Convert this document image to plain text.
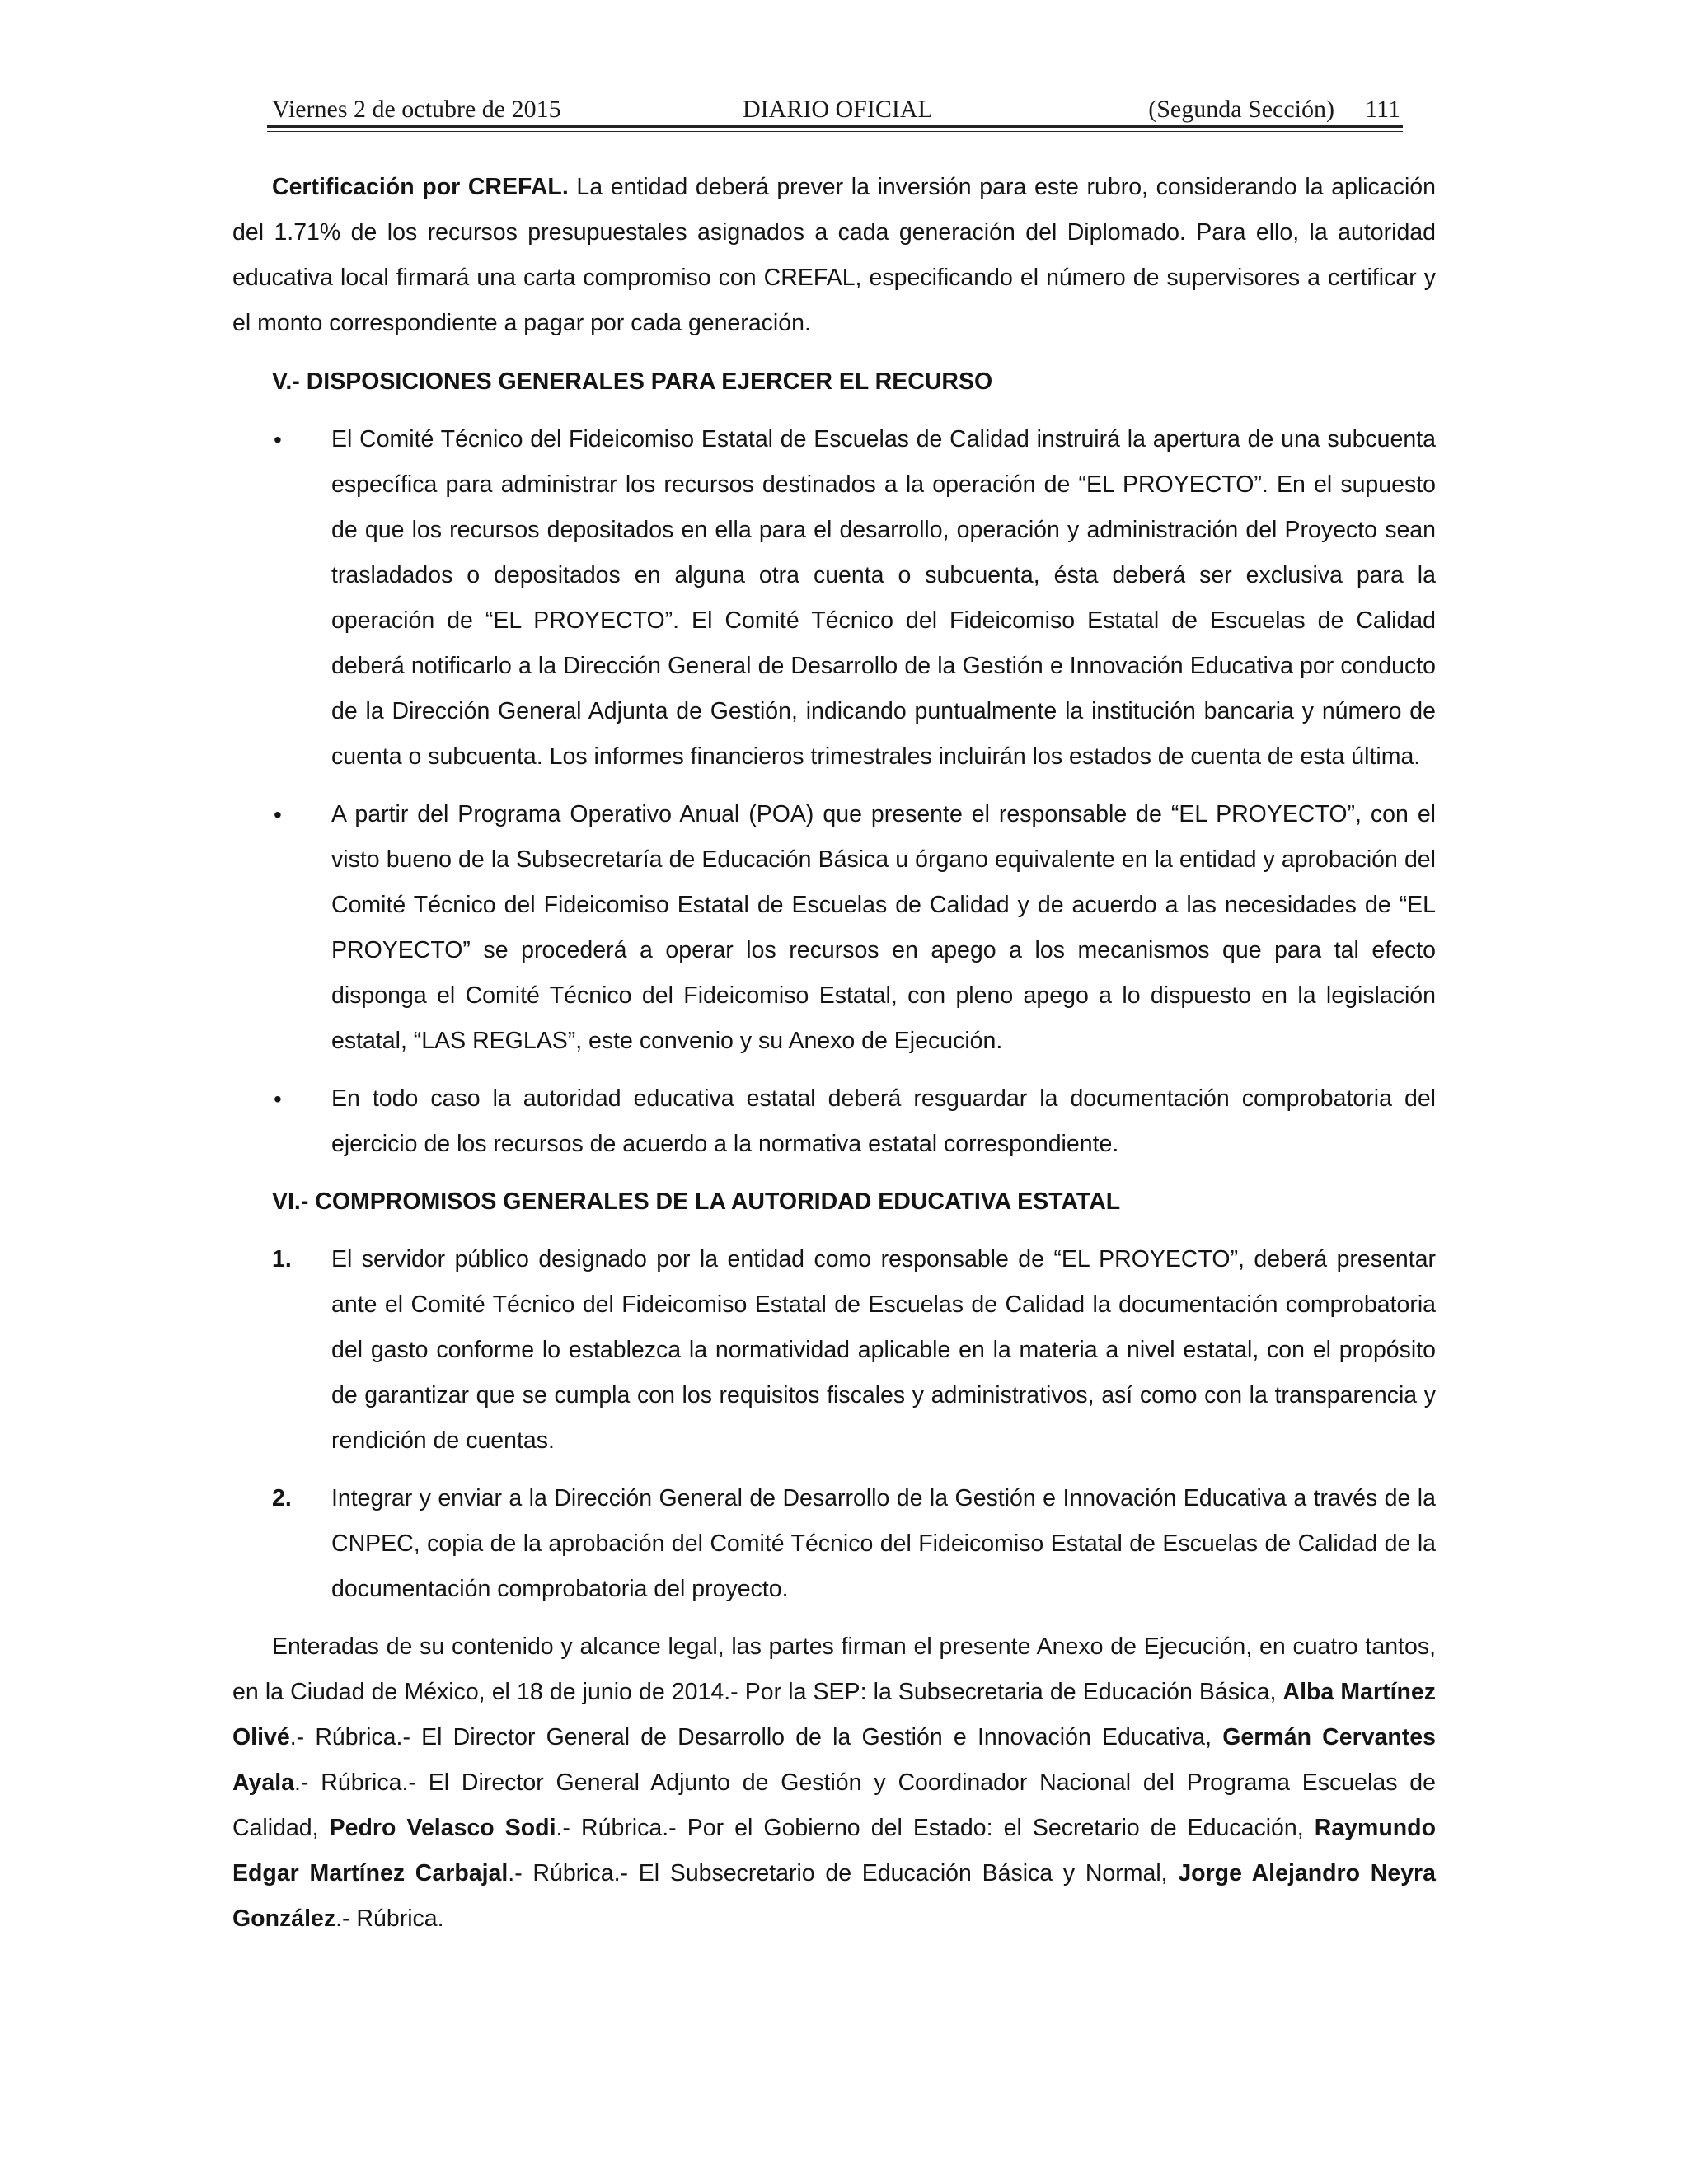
Viernes 2 de octubre de 2015	DIARIO OFICIAL	(Segunda Sección) 111

Certificación por CREFAL. La entidad deberá prever la inversión para este rubro, considerando la aplicación del 1.71% de los recursos presupuestales asignados a cada generación del Diplomado. Para ello, la autoridad educativa local firmará una carta compromiso con CREFAL, especificando el número de supervisores a certificar y el monto correspondiente a pagar por cada generación.

V.- DISPOSICIONES GENERALES PARA EJERCER EL RECURSO
• El Comité Técnico del Fideicomiso Estatal de Escuelas de Calidad instruirá la apertura de una subcuenta específica para administrar los recursos destinados a la operación de “EL PROYECTO”. En el supuesto de que los recursos depositados en ella para el desarrollo, operación y administración del Proyecto sean trasladados o depositados en alguna otra cuenta o subcuenta, ésta deberá ser exclusiva para la operación de “EL PROYECTO”. El Comité Técnico del Fideicomiso Estatal de Escuelas de Calidad deberá notificarlo a la Dirección General de Desarrollo de la Gestión e Innovación Educativa por conducto de la Dirección General Adjunta de Gestión, indicando puntualmente la institución bancaria y número de cuenta o subcuenta. Los informes financieros trimestrales incluirán los estados de cuenta de esta última.
• A partir del Programa Operativo Anual (POA) que presente el responsable de “EL PROYECTO”, con el visto bueno de la Subsecretaría de Educación Básica u órgano equivalente en la entidad y aprobación del Comité Técnico del Fideicomiso Estatal de Escuelas de Calidad y de acuerdo a las necesidades de “EL PROYECTO” se procederá a operar los recursos en apego a los mecanismos que para tal efecto disponga el Comité Técnico del Fideicomiso Estatal, con pleno apego a lo dispuesto en la legislación estatal, “LAS REGLAS”, este convenio y su Anexo de Ejecución.
• En todo caso la autoridad educativa estatal deberá resguardar la documentación comprobatoria del ejercicio de los recursos de acuerdo a la normativa estatal correspondiente.
VI.- COMPROMISOS GENERALES DE LA AUTORIDAD EDUCATIVA ESTATAL
1. El servidor público designado por la entidad como responsable de “EL PROYECTO”, deberá presentar ante el Comité Técnico del Fideicomiso Estatal de Escuelas de Calidad la documentación comprobatoria del gasto conforme lo establezca la normatividad aplicable en la materia a nivel estatal, con el propósito de garantizar que se cumpla con los requisitos fiscales y administrativos, así como con la transparencia y rendición de cuentas.
2. Integrar y enviar a la Dirección General de Desarrollo de la Gestión e Innovación Educativa a través de la CNPEC, copia de la aprobación del Comité Técnico del Fideicomiso Estatal de Escuelas de Calidad de la documentación comprobatoria del proyecto.

Enteradas de su contenido y alcance legal, las partes firman el presente Anexo de Ejecución, en cuatro tantos, en la Ciudad de México, el 18 de junio de 2014.- Por la SEP: la Subsecretaria de Educación Básica, Alba Martínez Olivé.- Rúbrica.- El Director General de Desarrollo de la Gestión e Innovación Educativa, Germán Cervantes Ayala.- Rúbrica.- El Director General Adjunto de Gestión y Coordinador Nacional del Programa Escuelas de Calidad, Pedro Velasco Sodi.- Rúbrica.- Por el Gobierno del Estado: el Secretario de Educación, Raymundo Edgar Martínez Carbajal.- Rúbrica.- El Subsecretario de Educación Básica y Normal, Jorge Alejandro Neyra González.- Rúbrica.
